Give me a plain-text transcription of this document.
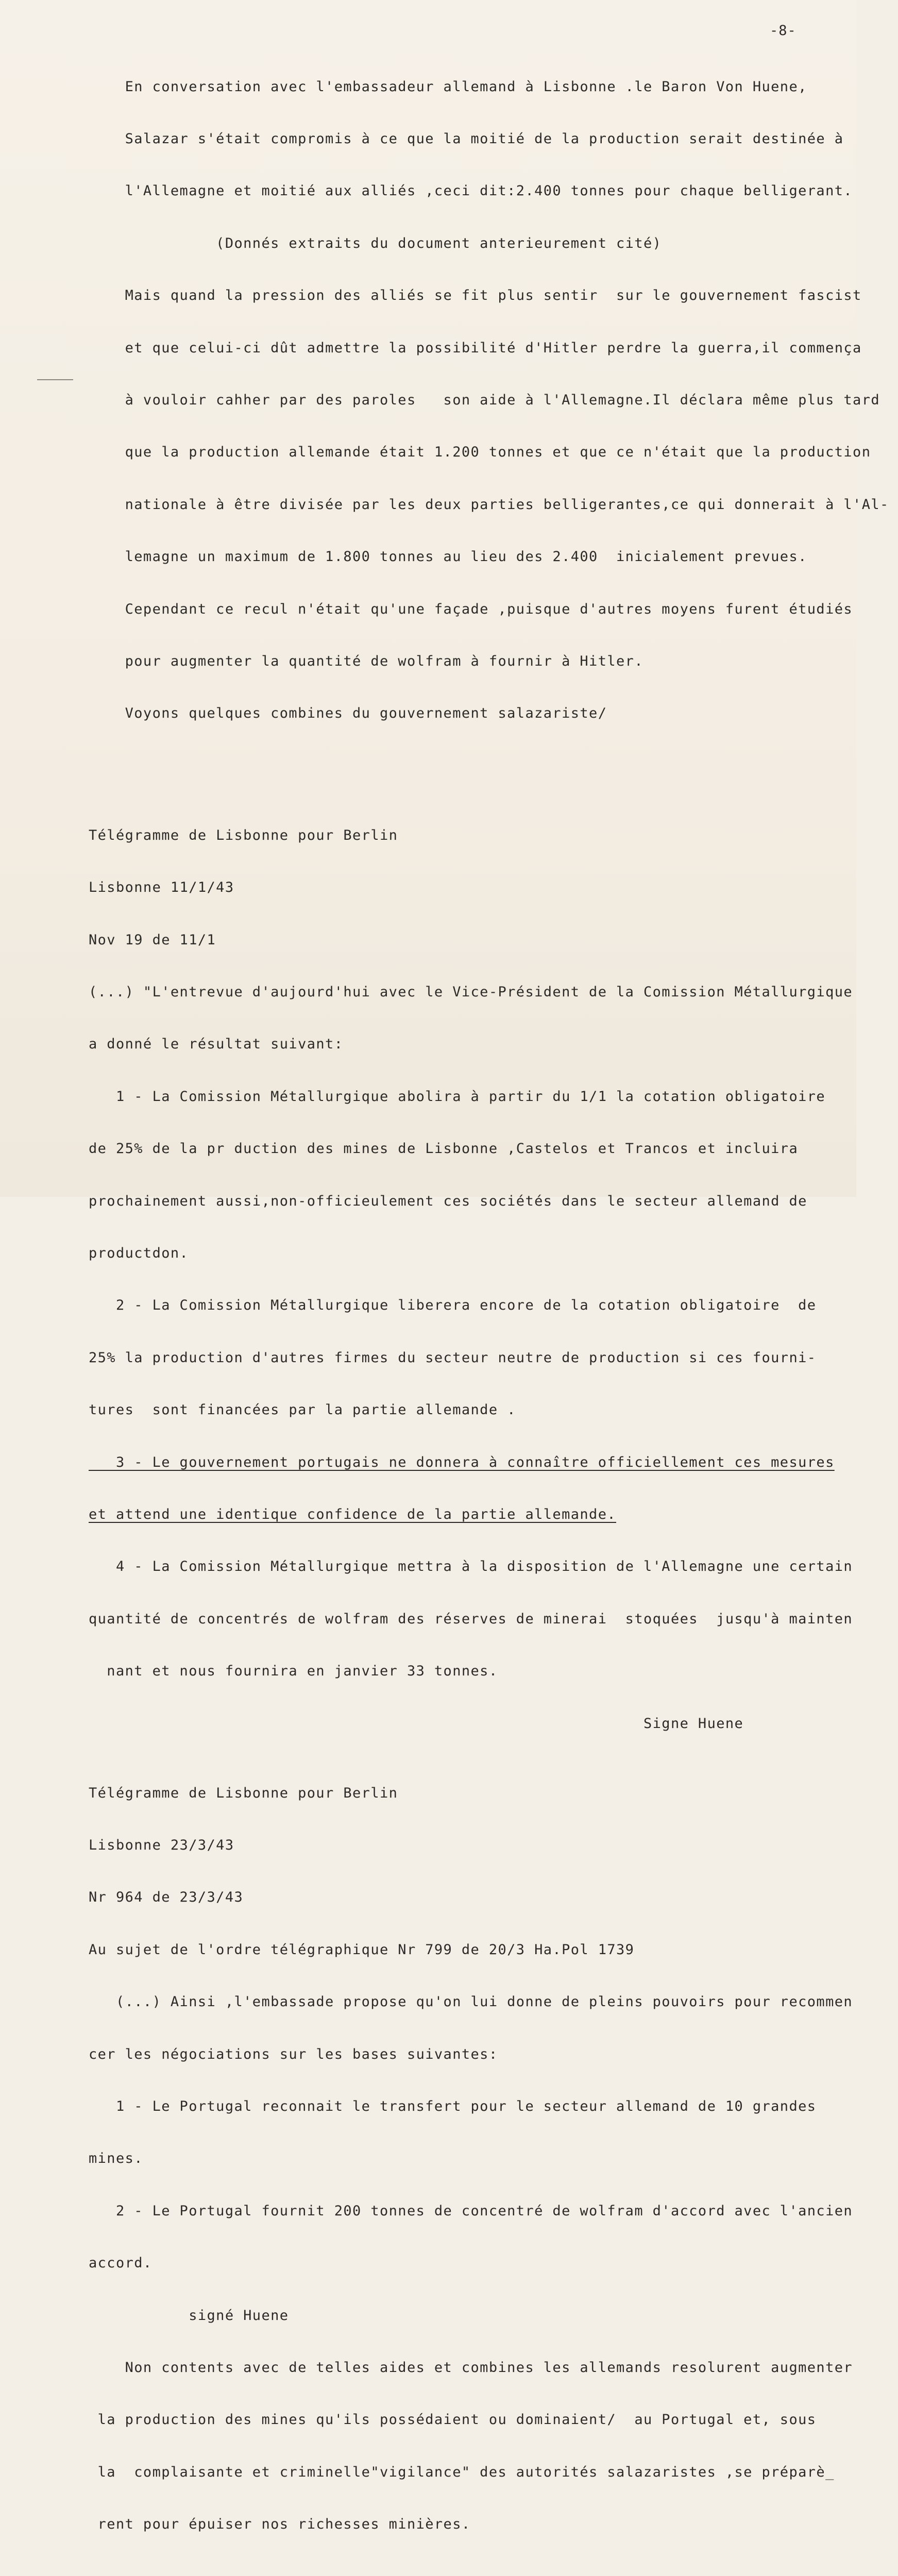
-8-

En conversation avec l'embassadeur allemand à Lisbonne .le Baron Von Huene,

Salazar s'était compromis à ce que la moitié de la production serait destinée à

l'Allemagne et moitié aux alliés ,ceci dit:2.400 tonnes pour chaque belligerant.

(Donnés extraits du document anterieurement cité)

Mais quand la pression des alliés se fit plus sentir  sur le gouvernement fascist

et que celui-ci dût admettre la possibilité d'Hitler perdre la guerra,il commença

à vouloir cahher par des paroles   son aide à l'Allemagne.Il déclara même plus tard

que la production allemande était 1.200 tonnes et que ce n'était que la production

nationale à être divisée par les deux parties belligerantes,ce qui donnerait à l'Al-

lemagne un maximum de 1.800 tonnes au lieu des 2.400  inicialement prevues.

Cependant ce recul n'était qu'une façade ,puisque d'autres moyens furent étudiés

pour augmenter la quantité de wolfram à fournir à Hitler.

Voyons quelques combines du gouvernement salazariste/

Télégramme de Lisbonne pour Berlin

Lisbonne 11/1/43

Nov 19 de 11/1

(...) "L'entrevue d'aujourd'hui avec le Vice-Président de la Comission Métallurgique

a donné le résultat suivant:

1 - La Comission Métallurgique abolira à partir du 1/1 la cotation obligatoire

de 25% de la pr duction des mines de Lisbonne ,Castelos et Trancos et incluira

prochainement aussi,non-officieulement ces sociétés dans le secteur allemand de

productdon.

2 - La Comission Métallurgique liberera encore de la cotation obligatoire  de

25% la production d'autres firmes du secteur neutre de production si ces fourni-

tures  sont financées par la partie allemande .

3 - Le gouvernement portugais ne donnera à connaître officiellement ces mesures

et attend une identique confidence de la partie allemande.

4 - La Comission Métallurgique mettra à la disposition de l'Allemagne une certain

quantité de concentrés de wolfram des réserves de minerai  stoquées  jusqu'à mainten

nant et nous fournira en janvier 33 tonnes.

Signe Huene

Télégramme de Lisbonne pour Berlin

Lisbonne 23/3/43

Nr 964 de 23/3/43

Au sujet de l'ordre télégraphique Nr 799 de 20/3 Ha.Pol 1739

(...) Ainsi ,l'embassade propose qu'on lui donne de pleins pouvoirs pour recommen

cer les négociations sur les bases suivantes:

1 - Le Portugal reconnait le transfert pour le secteur allemand de 10 grandes

mines.

2 - Le Portugal fournit 200 tonnes de concentré de wolfram d'accord avec l'ancien

accord.

signé Huene

Non contents avec de telles aides et combines les allemands resolurent augmenter

la production des mines qu'ils possédaient ou dominaient/  au Portugal et, sous

la  complaisante et criminelle"vigilance" des autorités salazaristes ,se préparè_

rent pour épuiser nos richesses minières.
